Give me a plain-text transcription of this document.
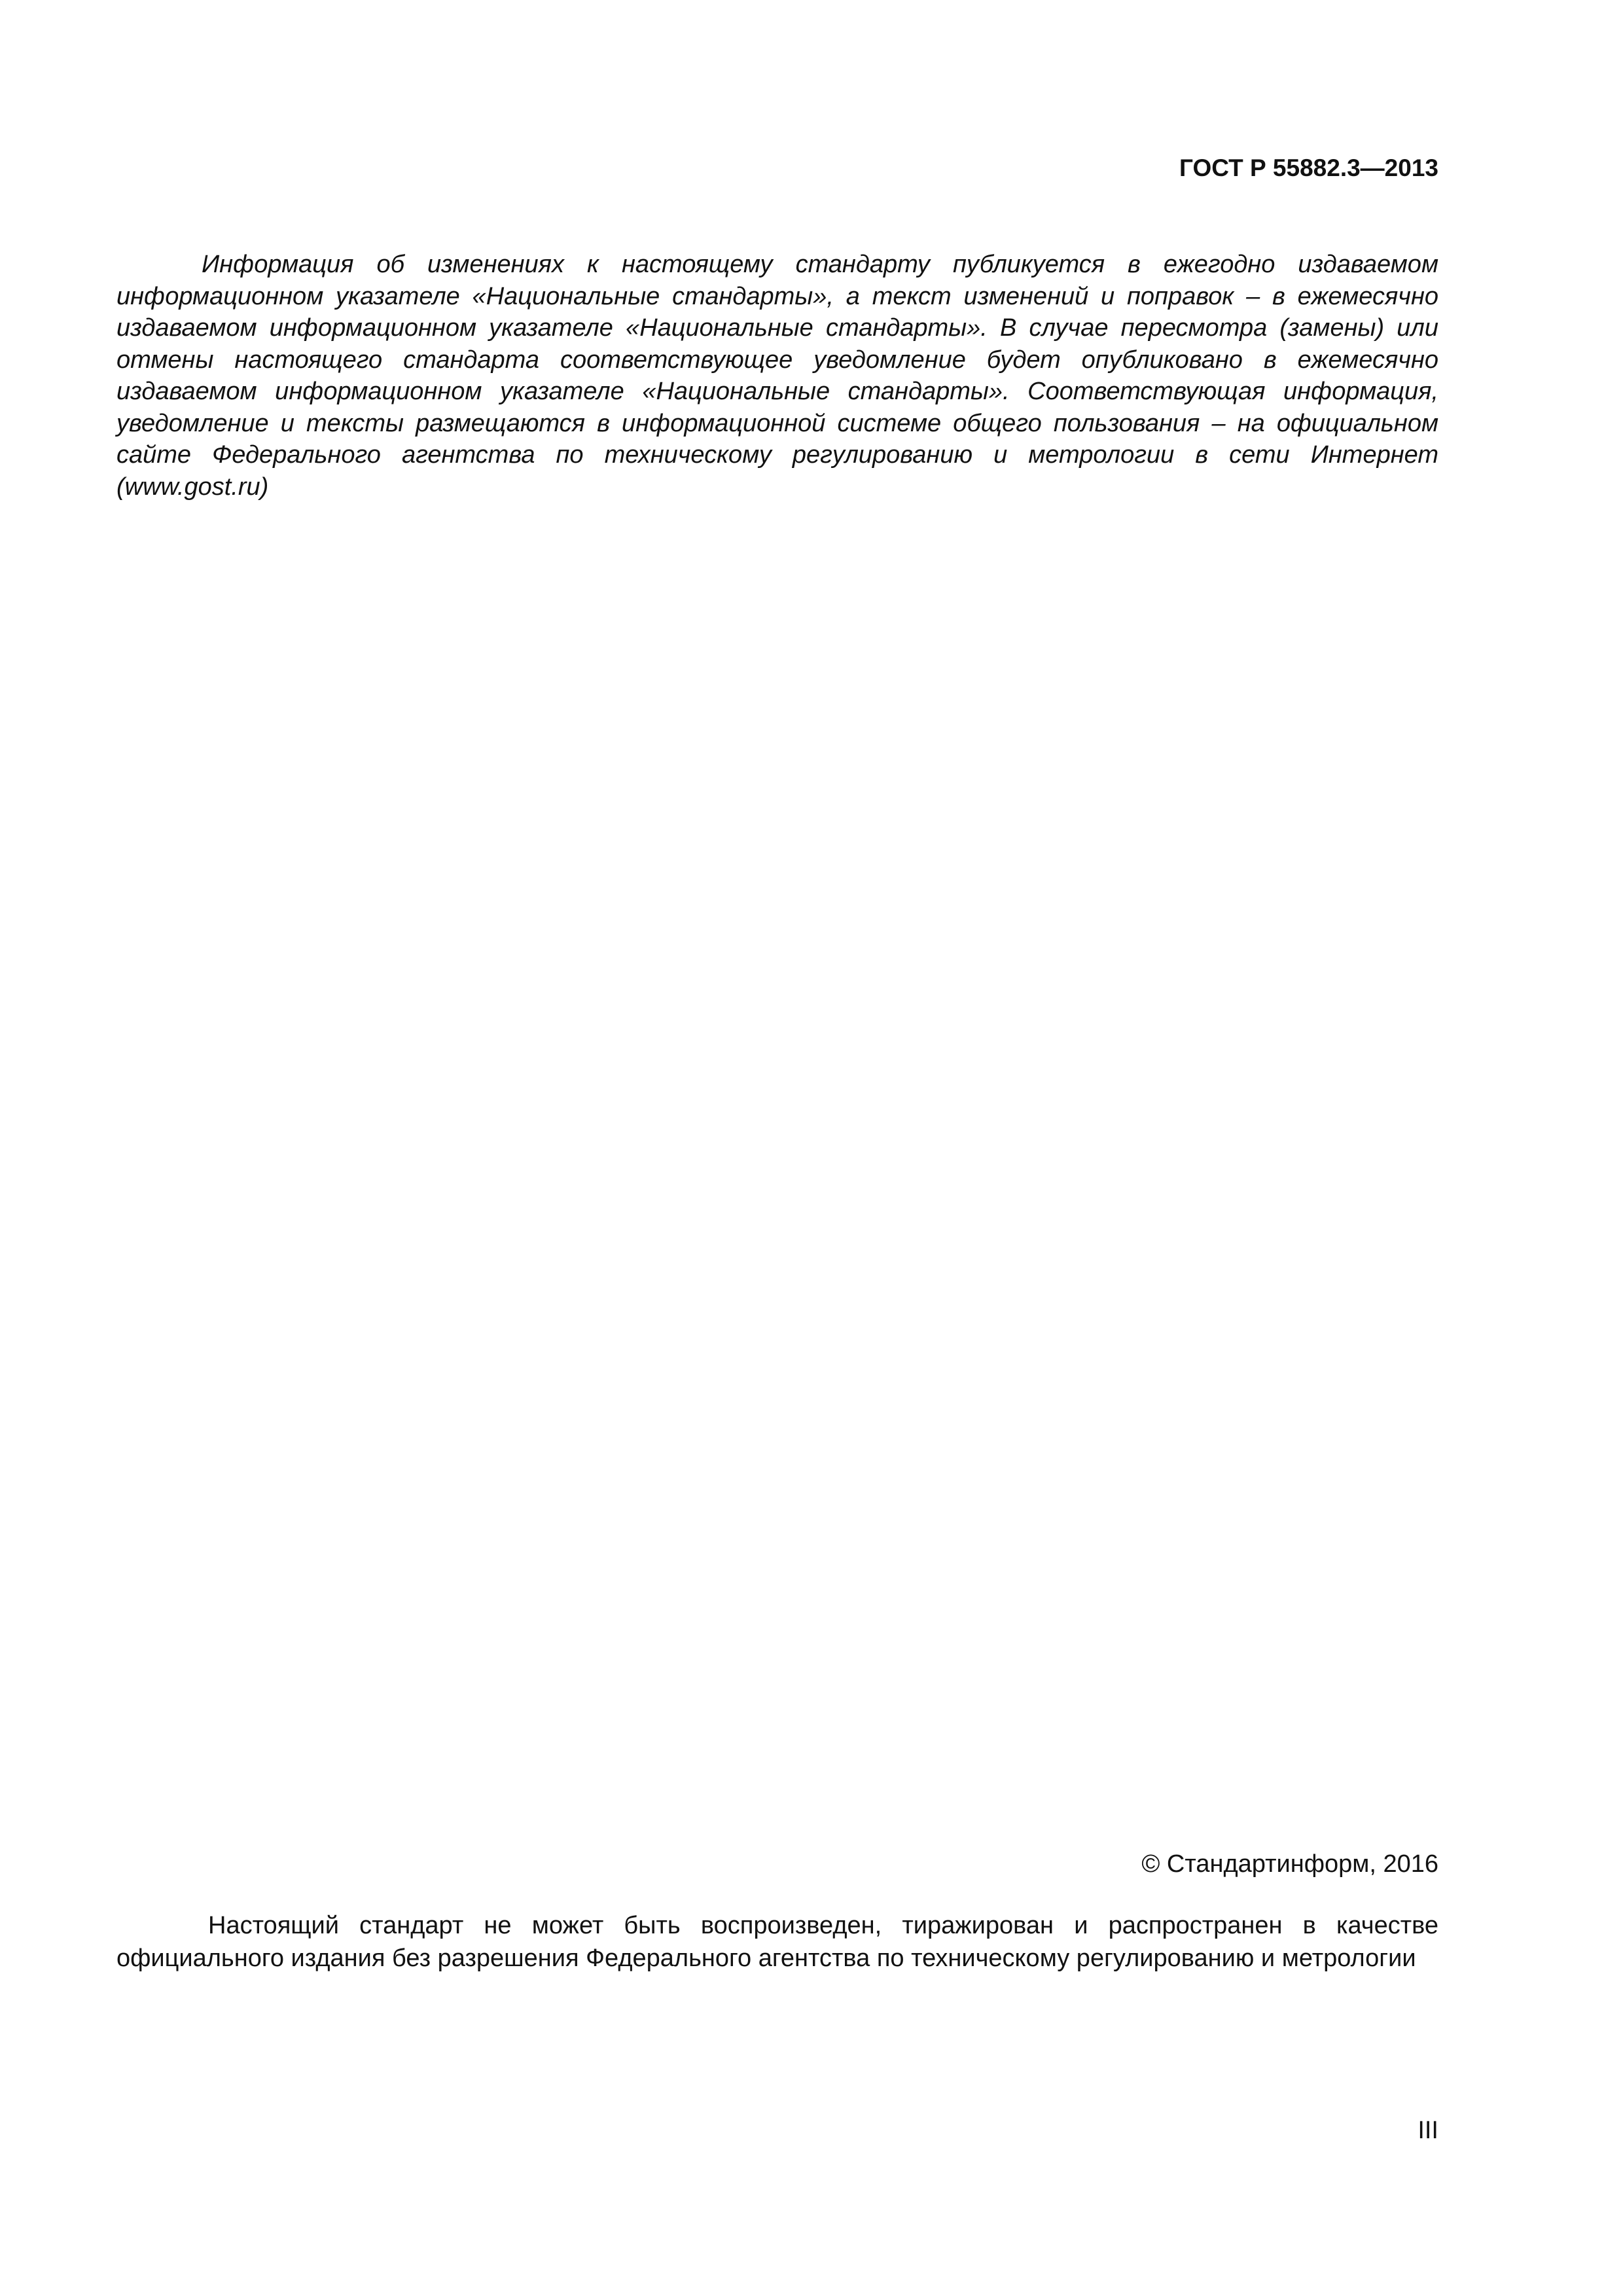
ГОСТ Р 55882.3—2013

Информация об изменениях к настоящему стандарту публикуется в ежегодно издаваемом информационном указателе «Национальные стандарты», а текст изменений и поправок – в ежемесячно издаваемом информационном указателе «Национальные стандарты». В случае пересмотра (замены) или отмены настоящего стандарта соответствующее уведомление будет опубликовано в ежемесячно издаваемом информационном указателе «Национальные стандарты». Соответствующая информация, уведомление и тексты размещаются в информационной системе общего пользования – на официальном сайте Федерального агентства по техническому регулированию и метрологии в сети Интернет (www.gost.ru)

© Стандартинформ, 2016

Настоящий стандарт не может быть воспроизведен, тиражирован и распространен в качестве официального издания без разрешения Федерального агентства по техническому регулированию и метрологии

III
